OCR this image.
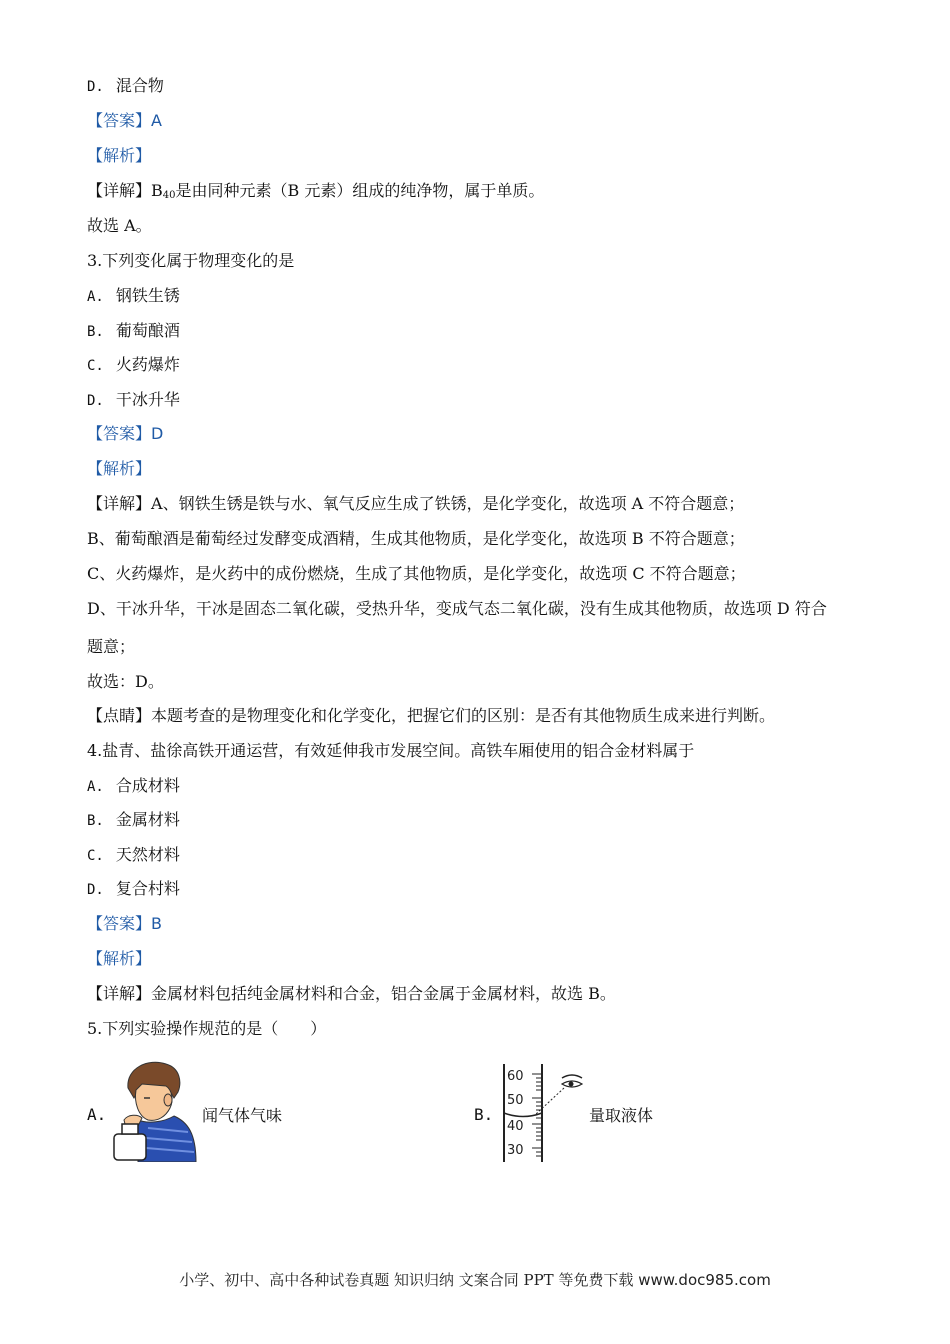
D. 混合物
【答案】A
【解析】
【详解】$B_{40}$是由同种元素（B 元素）组成的纯净物，属于单质。
故选 A。
3.下列变化属于物理变化的是
A. 钢铁生锈
B. 葡萄酿酒
C. 火药爆炸
D. 干冰升华
【答案】D
【解析】
【详解】A、钢铁生锈是铁与水、氧气反应生成了铁锈，是化学变化，故选项 A 不符合题意；
B、葡萄酿酒是葡萄经过发酵变成酒精，生成其他物质，是化学变化，故选项 B 不符合题意；
C、火药爆炸，是火药中的成份燃烧，生成了其他物质，是化学变化，故选项 C 不符合题意；
D、干冰升华，干冰是固态二氧化碳，受热升华，变成气态二氧化碳，没有生成其他物质，故选项 D 符合
题意；
故选：D。
【点睛】本题考查的是物理变化和化学变化，把握它们的区别：是否有其他物质生成来进行判断。
4.盐青、盐徐高铁开通运营，有效延伸我市发展空间。高铁车厢使用的铝合金材料属于
A. 合成材料
B. 金属材料
C. 天然材料
D. 复合村料
【答案】B
【解析】
【详解】金属材料包括纯金属材料和合金，铝合金属于金属材料，故选 B。
5.下列实验操作规范的是（　　）
A.	闻气体气味	B.
60
50
40
30
量取液体
小学、初中、高中各种试卷真题 知识归纳 文案合同 PPT 等免费下载 www.doc985.com
